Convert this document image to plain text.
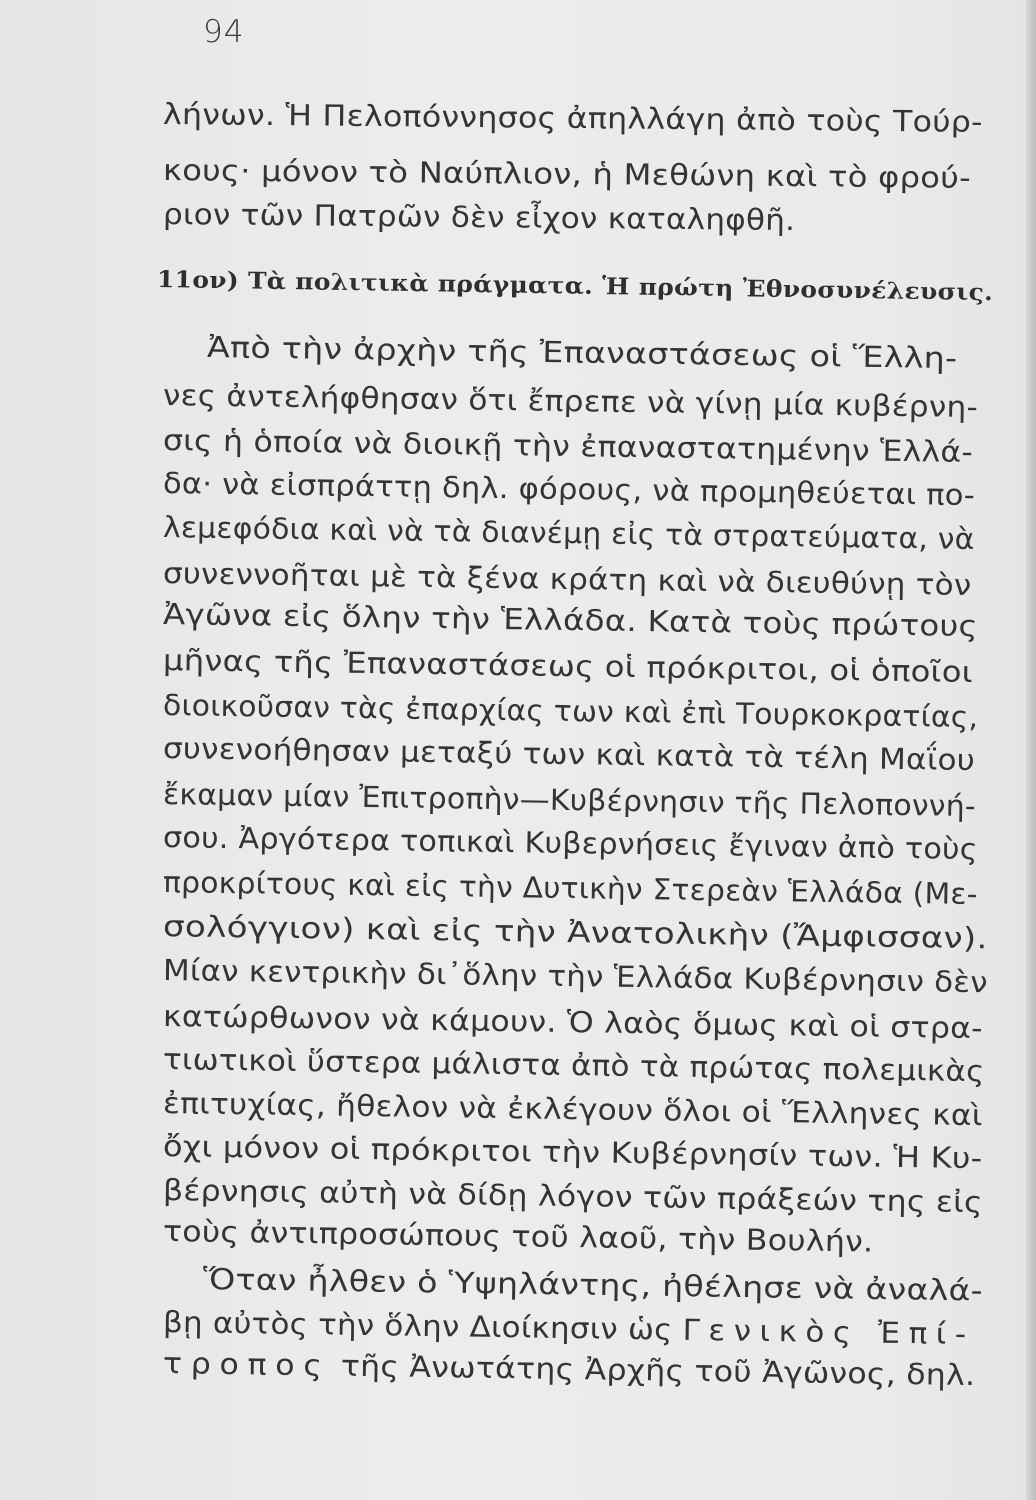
94
λήνων. Ἡ Πελοπόννησος ἀπηλλάγη ἀπὸ τοὺς Τούρ-
κους· μόνον τὸ Ναύπλιον, ἡ Μεθώνη καὶ τὸ φρού-
ριον τῶν Πατρῶν δὲν εἶχον καταληφθῆ.
11ον) Τὰ πολιτικὰ πράγματα. Ἡ πρώτη Ἐθνοσυνέλευσις.
Ἀπὸ τὴν ἀρχὴν τῆς Ἐπαναστάσεως οἱ Ἕλλη-
νες ἀντελήφθησαν ὅτι ἔπρεπε νὰ γίνῃ μία κυβέρνη-
σις ἡ ὁποία νὰ διοικῇ τὴν ἐπαναστατημένην Ἑλλά-
δα· νὰ εἰσπράττῃ δηλ. φόρους, νὰ προμηθεύεται πο-
λεμεφόδια καὶ νὰ τὰ διανέμῃ εἰς τὰ στρατεύματα, νὰ
συνεννοῆται μὲ τὰ ξένα κράτη καὶ νὰ διευθύνῃ τὸν
Ἀγῶνα εἰς ὅλην τὴν Ἑλλάδα. Κατὰ τοὺς πρώτους
μῆνας τῆς Ἐπαναστάσεως οἱ πρόκριτοι, οἱ ὁποῖοι
διοικοῦσαν τὰς ἐπαρχίας των καὶ ἐπὶ Τουρκοκρατίας,
συνενοήθησαν μεταξύ των καὶ κατὰ τὰ τέλη Μαΐου
ἔκαμαν μίαν Ἐπιτροπὴν—Κυβέρνησιν τῆς Πελοποννή-
σου. Ἀργότερα τοπικαὶ Κυβερνήσεις ἔγιναν ἀπὸ τοὺς
προκρίτους καὶ εἰς τὴν Δυτικὴν Στερεὰν Ἑλλάδα (Με-
σολόγγιον) καὶ εἰς τὴν Ἀνατολικὴν (Ἄμφισσαν).
Μίαν κεντρικὴν δι᾿ὅλην τὴν Ἑλλάδα Κυβέρνησιν δὲν
κατώρθωνον νὰ κάμουν. Ὁ λαὸς ὅμως καὶ οἱ στρα-
τιωτικοὶ ὕστερα μάλιστα ἀπὸ τὰ πρώτας πολεμικὰς
ἐπιτυχίας, ἤθελον νὰ ἐκλέγουν ὅλοι οἱ Ἕλληνες καὶ
ὄχι μόνον οἱ πρόκριτοι τὴν Κυβέρνησίν των. Ἡ Κυ-
βέρνησις αὐτὴ νὰ δίδῃ λόγον τῶν πράξεών της εἰς
τοὺς ἀντιπροσώπους τοῦ λαοῦ, τὴν Βουλήν.
Ὅταν ἦλθεν ὁ Ὑψηλάντης, ἠθέλησε νὰ ἀναλά-
βῃ αὐτὸς τὴν ὅλην Διοίκησιν ὡς Γενικὸς Ἐπί-
τροπος τῆς Ἀνωτάτης Ἀρχῆς τοῦ Ἀγῶνος, δηλ.
